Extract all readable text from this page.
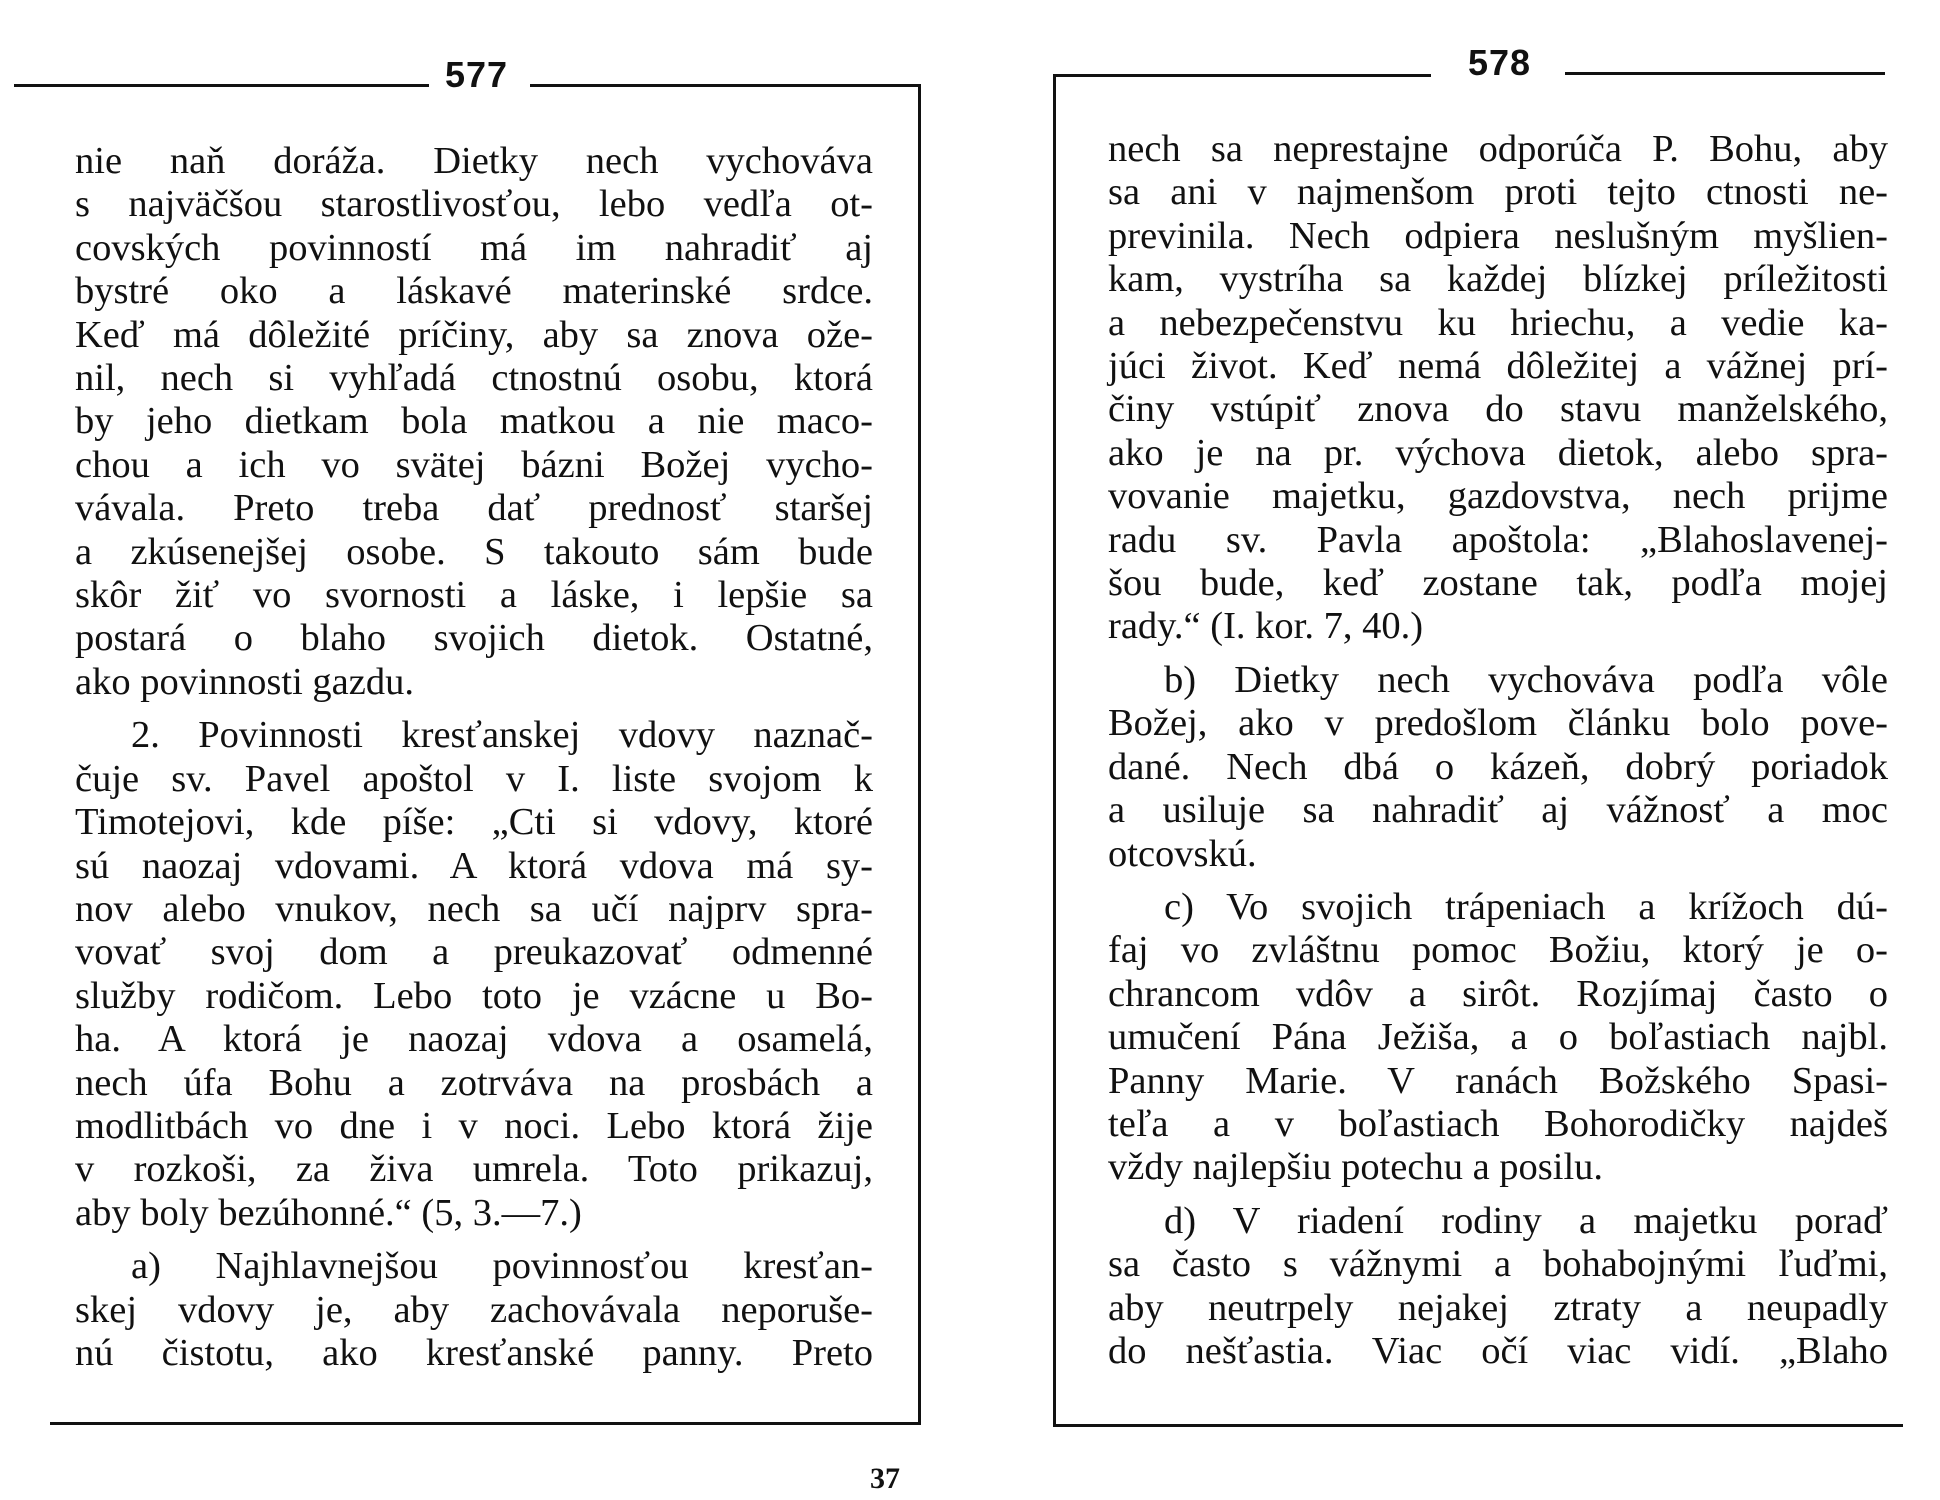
577

nie naň doráža. Dietky nech vychováva
s najväčšou starostlivosťou, lebo vedľa ot-
covských povinností má im nahradiť aj
bystré oko a láskavé materinské srdce.
Keď má dôležité príčiny, aby sa znova ože-
nil, nech si vyhľadá ctnostnú osobu, ktorá
by jeho dietkam bola matkou a nie maco-
chou a ich vo svätej bázni Božej vycho-
vávala. Preto treba dať prednosť staršej
a zkúsenejšej osobe. S takouto sám bude
skôr žiť vo svornosti a láske, i lepšie sa
postará o blaho svojich dietok. Ostatné,
ako povinnosti gazdu.

2. Povinnosti kresťanskej vdovy naznač-
čuje sv. Pavel apoštol v I. liste svojom k
Timotejovi, kde píše: „Cti si vdovy, ktoré
sú naozaj vdovami. A ktorá vdova má sy-
nov alebo vnukov, nech sa učí najprv spra-
vovať svoj dom a preukazovať odmenné
služby rodičom. Lebo toto je vzácne u Bo-
ha. A ktorá je naozaj vdova a osamelá,
nech úfa Bohu a zotrváva na prosbách a
modlitbách vo dne i v noci. Lebo ktorá žije
v rozkoši, za živa umrela. Toto prikazuj,
aby boly bezúhonné.“ (5, 3.—7.)

a) Najhlavnejšou povinnosťou kresťan-
skej vdovy je, aby zachovávala neporuše-
nú čistotu, ako kresťanské panny. Preto

578

nech sa neprestajne odporúča P. Bohu, aby
sa ani v najmenšom proti tejto ctnosti ne-
previnila. Nech odpiera neslušným myšlien-
kam, vystríha sa každej blízkej príležitosti
a nebezpečenstvu ku hriechu, a vedie ka-
júci život. Keď nemá dôležitej a vážnej prí-
činy vstúpiť znova do stavu manželského,
ako je na pr. výchova dietok, alebo spra-
vovanie majetku, gazdovstva, nech prijme
radu sv. Pavla apoštola: „Blahoslavenej-
šou bude, keď zostane tak, podľa mojej
rady.“ (I. kor. 7, 40.)

b) Dietky nech vychováva podľa vôle
Božej, ako v predošlom článku bolo pove-
dané. Nech dbá o kázeň, dobrý poriadok
a usiluje sa nahradiť aj vážnosť a moc
otcovskú.

c) Vo svojich trápeniach a krížoch dú-
faj vo zvláštnu pomoc Božiu, ktorý je o-
chrancom vdôv a sirôt. Rozjímaj často o
umučení Pána Ježiša, a o boľastiach najbl.
Panny Marie. V ranách Božského Spasi-
teľa a v boľastiach Bohorodičky najdeš
vždy najlepšiu potechu a posilu.

d) V riadení rodiny a majetku poraď
sa často s vážnymi a bohabojnými ľuďmi,
aby neutrpely nejakej ztraty a neupadly
do nešťastia. Viac očí viac vidí. „Blaho

37
